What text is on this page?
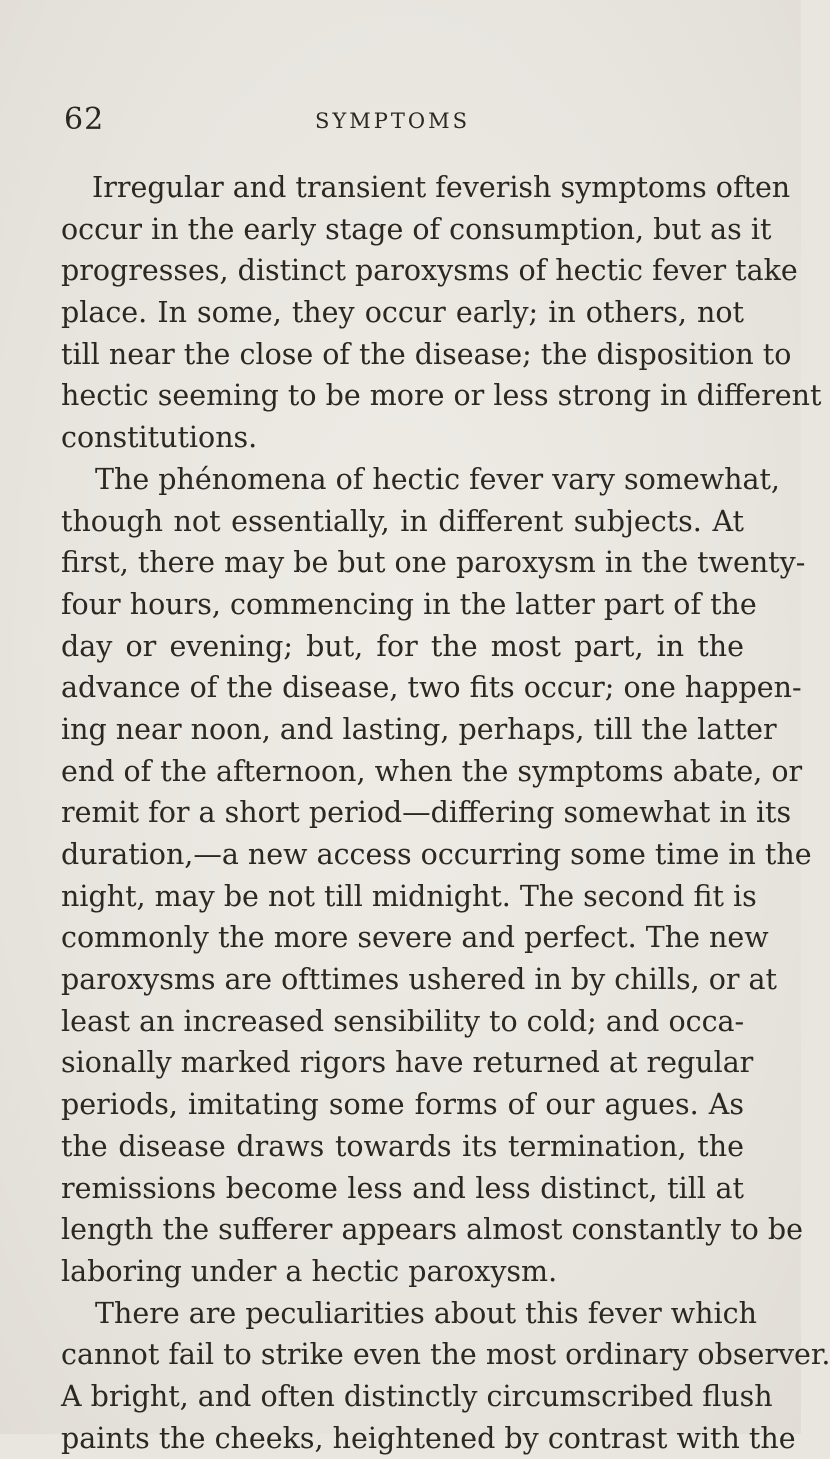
62	SYMPTOMS
Irregular and transient feverish symptoms often
occur in the early stage of consumption, but as it
progresses, distinct paroxysms of hectic fever take
place. In some, they occur early; in others, not
till near the close of the disease; the disposition to
hectic seeming to be more or less strong in different
constitutions.
The phénomena of hectic fever vary somewhat,
though not essentially, in different subjects. At
first, there may be but one paroxysm in the twenty-
four hours, commencing in the latter part of the
day or evening; but, for the most part, in the
advance of the disease, two fits occur; one happen-
ing near noon, and lasting, perhaps, till the latter
end of the afternoon, when the symptoms abate, or
remit for a short period—differing somewhat in its
duration,—a new access occurring some time in the
night, may be not till midnight. The second fit is
commonly the more severe and perfect. The new
paroxysms are ofttimes ushered in by chills, or at
least an increased sensibility to cold; and occa-
sionally marked rigors have returned at regular
periods, imitating some forms of our agues. As
the disease draws towards its termination, the
remissions become less and less distinct, till at
length the sufferer appears almost constantly to be
laboring under a hectic paroxysm.
There are peculiarities about this fever which
cannot fail to strike even the most ordinary observer.
A bright, and often distinctly circumscribed flush
paints the cheeks, heightened by contrast with the
